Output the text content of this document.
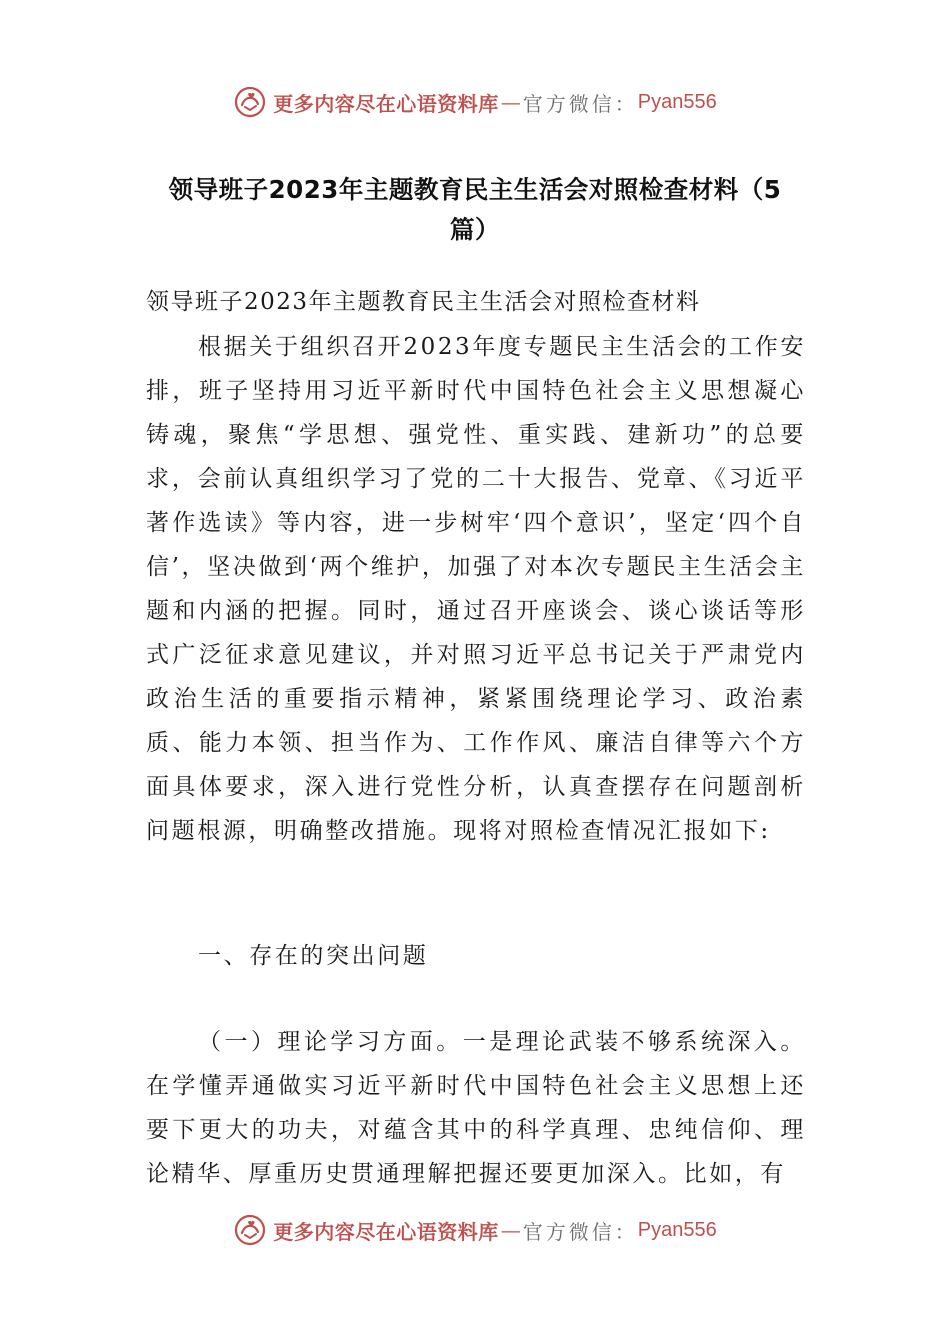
更多内容尽在心语资料库 — 官方微信： Pyan556
领导班子2023年主题教育民主生活会对照检查材料（5篇）

领导班子2023年主题教育民主生活会对照检查材料

根据关于组织召开2023年度专题民主生活会的工作安排，班子坚持用习近平新时代中国特色社会主义思想凝心铸魂，聚焦“学思想、强党性、重实践、建新功”的总要求，会前认真组织学习了党的二十大报告、党章、《习近平著作选读》等内容，进一步树牢‘四个意识’，坚定‘四个自信’，坚决做到‘两个维护，加强了对本次专题民主生活会主题和内涵的把握。同时，通过召开座谈会、谈心谈话等形式广泛征求意见建议，并对照习近平总书记关于严肃党内政治生活的重要指示精神，紧紧围绕理论学习、政治素质、能力本领、担当作为、工作作风、廉洁自律等六个方面具体要求，深入进行党性分析，认真查摆存在问题剖析问题根源，明确整改措施。现将对照检查情况汇报如下:

一、存在的突出问题

（一）理论学习方面。一是理论武装不够系统深入。在学懂弄通做实习近平新时代中国特色社会主义思想上还要下更大的功夫，对蕴含其中的科学真理、忠纯信仰、理论精华、厚重历史贯通理解把握还要更加深入。比如，有

更多内容尽在心语资料库 — 官方微信： Pyan556
